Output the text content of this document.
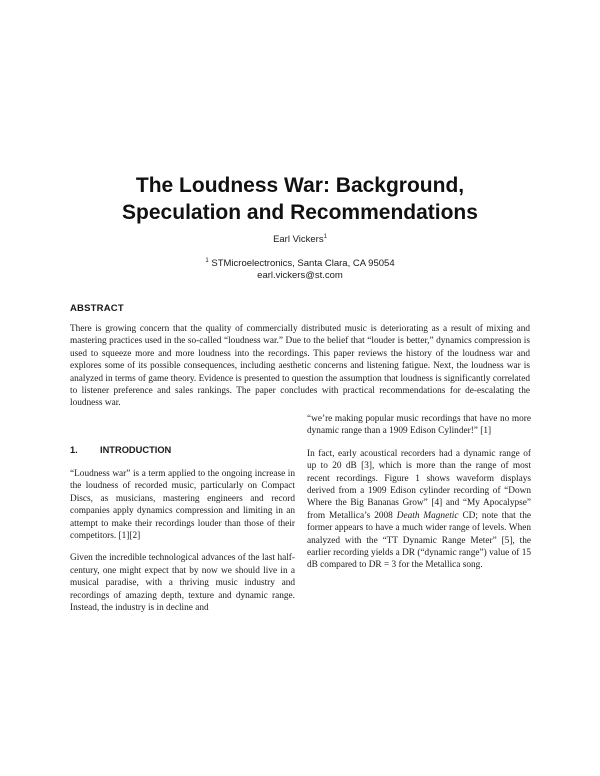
The Loudness War: Background,
Speculation and Recommendations
Earl Vickers$^1$
$^1$ STMicroelectronics, Santa Clara, CA 95054
earl.vickers@st.com
ABSTRACT

There is growing concern that the quality of commercially distributed music is deteriorating as a result of mixing and mastering practices used in the so-called “loudness war.” Due to the belief that “louder is better,” dynamics compression is used to squeeze more and more loudness into the recordings. This paper reviews the history of the loudness war and explores some of its possible consequences, including aesthetic concerns and listening fatigue. Next, the loudness war is analyzed in terms of game theory. Evidence is presented to question the assumption that loudness is significantly correlated to listener preference and sales rankings. The paper concludes with practical recommendations for de-escalating the loudness war.

1. INTRODUCTION

“Loudness war” is a term applied to the ongoing increase in the loudness of recorded music, particularly on Compact Discs, as musicians, mastering engineers and record companies apply dynamics compression and limiting in an attempt to make their recordings louder than those of their competitors. [1][2]

Given the incredible technological advances of the last half-century, one might expect that by now we should live in a musical paradise, with a thriving music industry and recordings of amazing depth, texture and dynamic range. Instead, the industry is in decline and

“we’re making popular music recordings that have no more dynamic range than a 1909 Edison Cylinder!” [1]

In fact, early acoustical recorders had a dynamic range of up to 20 dB [3], which is more than the range of most recent recordings. Figure 1 shows waveform displays derived from a 1909 Edison cylinder recording of “Down Where the Big Bananas Grow” [4] and “My Apocalypse” from Metallica’s 2008 Death Magnetic CD; note that the former appears to have a much wider range of levels. When analyzed with the “TT Dynamic Range Meter” [5], the earlier recording yields a DR (“dynamic range”) value of 15 dB compared to DR = 3 for the Metallica song.
